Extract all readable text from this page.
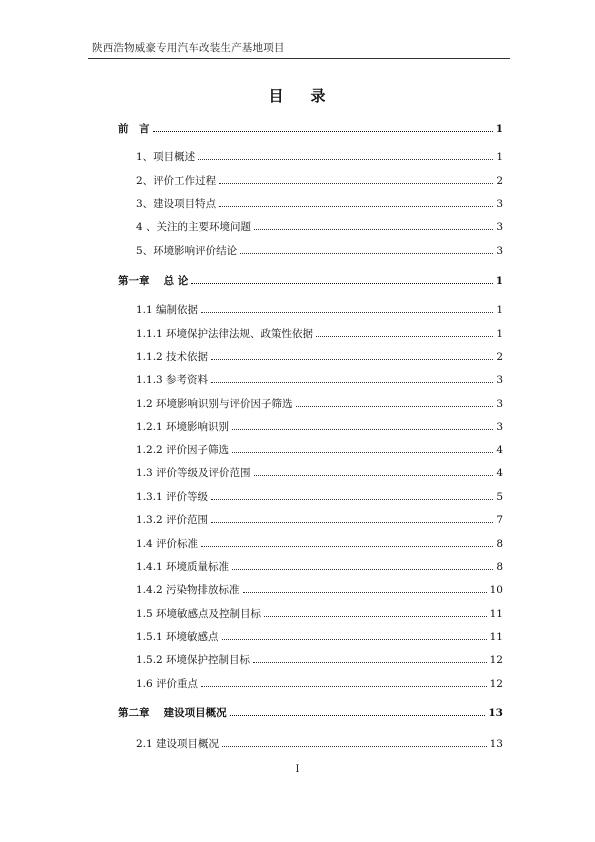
陕西浩物威豪专用汽车改装生产基地项目
目 录
前　言	1
1、项目概述	1
2、评价工作过程	2
3、建设项目特点	3
4 、关注的主要环境问题	3
5、环境影响评价结论	3
第一章　 总 论	1
1.1 编制依据	1
1.1.1 环境保护法律法规、政策性依据	1
1.1.2 技术依据	2
1.1.3 参考资料	3
1.2 环境影响识别与评价因子筛选	3
1.2.1 环境影响识别	3
1.2.2 评价因子筛选	4
1.3 评价等级及评价范围	4
1.3.1 评价等级	5
1.3.2 评价范围	7
1.4 评价标准	8
1.4.1 环境质量标准	8
1.4.2 污染物排放标准	10
1.5 环境敏感点及控制目标	11
1.5.1 环境敏感点	11
1.5.2 环境保护控制目标	12
1.6 评价重点	12
第二章　 建设项目概况	13
2.1 建设项目概况	13
I
